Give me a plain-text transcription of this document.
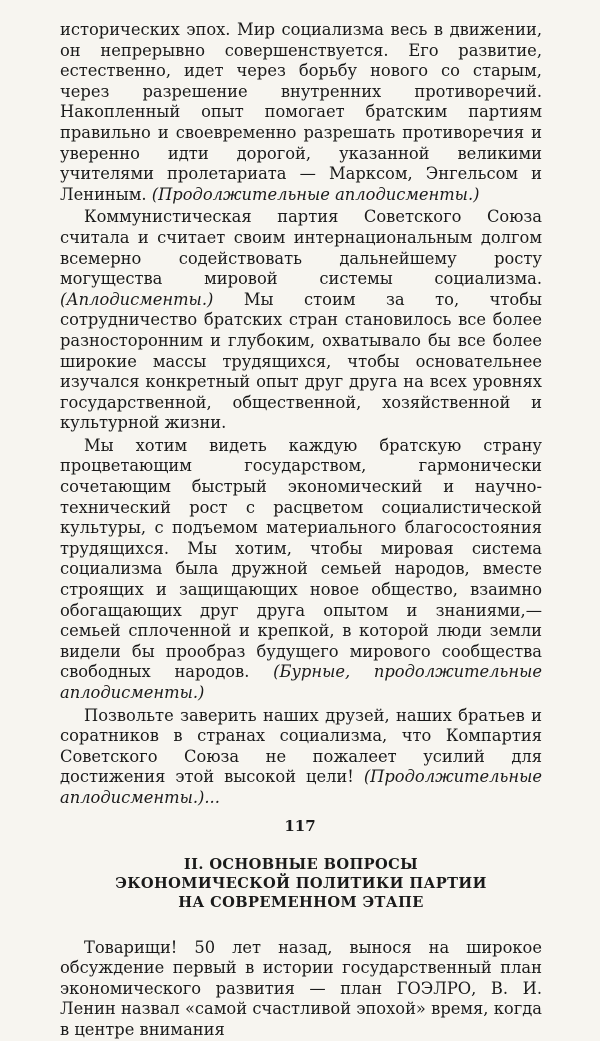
исторических эпох. Мир социализма весь в движении, он непрерывно совершенствуется. Его развитие, естественно, идет через борьбу нового со старым, через разрешение внутренних противоречий. Накопленный опыт помогает братским партиям правильно и своевременно разрешать противоречия и уверенно идти дорогой, указанной великими учителями пролетариата — Марксом, Энгельсом и Лениным. (Продолжительные аплодисменты.)

Коммунистическая партия Советского Союза считала и считает своим интернациональным долгом всемерно содействовать дальнейшему росту могущества мировой системы социализма. (Аплодисменты.) Мы стоим за то, чтобы сотрудничество братских стран становилось все более разносторонним и глубоким, охватывало бы все более широкие массы трудящихся, чтобы основательнее изучался конкретный опыт друг друга на всех уровнях государственной, общественной, хозяйственной и культурной жизни.

Мы хотим видеть каждую братскую страну процветающим государством, гармонически сочетающим быстрый экономический и научно-технический рост с расцветом социалистической культуры, с подъемом материального благосостояния трудящихся. Мы хотим, чтобы мировая система социализма была дружной семьей народов, вместе строящих и защищающих новое общество, взаимно обогащающих друг друга опытом и знаниями,— семьей сплоченной и крепкой, в которой люди земли видели бы прообраз будущего мирового сообщества свободных народов. (Бурные, продолжительные аплодисменты.)

Позвольте заверить наших друзей, наших братьев и соратников в странах социализма, что Компартия Советского Союза не пожалеет усилий для достижения этой высокой цели! (Продолжительные аплодисменты.)...

II. ОСНОВНЫЕ ВОПРОСЫ
ЭКОНОМИЧЕСКОЙ ПОЛИТИКИ ПАРТИИ
НА СОВРЕМЕННОМ ЭТАПЕ

Товарищи! 50 лет назад, вынося на широкое обсуждение первый в истории государственный план экономического развития — план ГОЭЛРО, В. И. Ленин назвал «самой счастливой эпохой» время, когда в центре внимания

117
